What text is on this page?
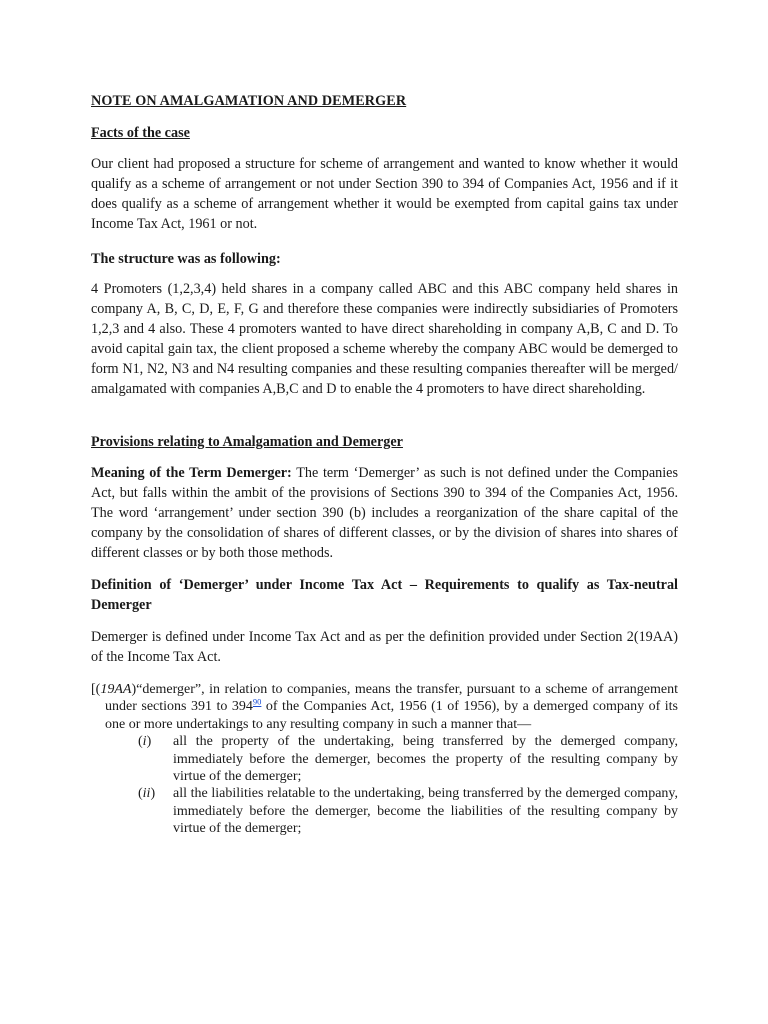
NOTE ON AMALGAMATION AND DEMERGER
Facts of the case

Our client had proposed a structure for scheme of arrangement and wanted to know whether it would qualify as a scheme of arrangement or not under Section 390 to 394 of Companies Act, 1956 and if it does qualify as a scheme of arrangement whether it would be exempted from capital gains tax under Income Tax Act, 1961 or not.

The structure was as following:

4 Promoters (1,2,3,4) held shares in a company called ABC and this ABC company held shares in company A, B, C, D, E, F, G and therefore these companies were indirectly subsidiaries of Promoters 1,2,3 and 4 also. These 4 promoters wanted to have direct shareholding in company A,B, C and D. To avoid capital gain tax, the client proposed a scheme whereby the company ABC would be demerged to form N1, N2, N3 and N4 resulting companies and these resulting companies thereafter will be merged/ amalgamated with companies A,B,C and D to enable the 4 promoters to have direct shareholding.

Provisions relating to Amalgamation and Demerger

Meaning of the Term Demerger: The term ‘Demerger’ as such is not defined under the Companies Act, but falls within the ambit of the provisions of Sections 390 to 394 of the Companies Act, 1956. The word ‘arrangement’ under section 390 (b) includes a reorganization of the share capital of the company by the consolidation of shares of different classes, or by the division of shares into shares of different classes or by both those methods.

Definition of ‘Demerger’ under Income Tax Act – Requirements to qualify as Tax-neutral Demerger

Demerger is defined under Income Tax Act and as per the definition provided under Section 2(19AA) of the Income Tax Act.

[(19AA)“demerger”, in relation to companies, means the transfer, pursuant to a scheme of arrangement under sections 391 to 394$^{90}$ of the Companies Act, 1956 (1 of 1956), by a demerged company of its one or more undertakings to any resulting company in such a manner that—

(i) all the property of the undertaking, being transferred by the demerged company, immediately before the demerger, becomes the property of the resulting company by virtue of the demerger;

(ii) all the liabilities relatable to the undertaking, being transferred by the demerged company, immediately before the demerger, become the liabilities of the resulting company by virtue of the demerger;
